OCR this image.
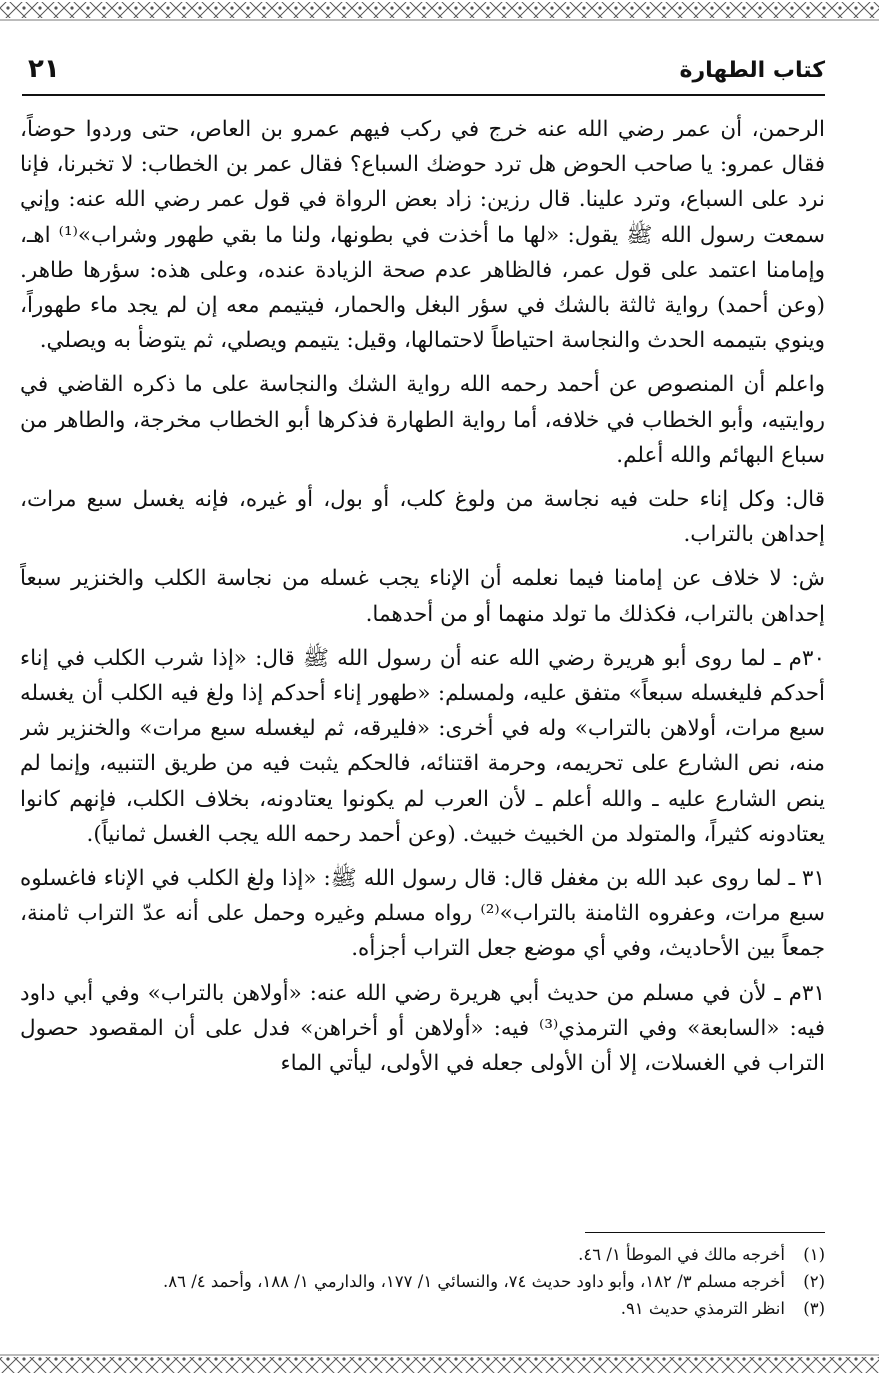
كتاب الطهارة
٢١

الرحمن، أن عمر رضي الله عنه خرج في ركب فيهم عمرو بن العاص، حتى وردوا حوضاً، فقال عمرو: يا صاحب الحوض هل ترد حوضك السباع؟ فقال عمر بن الخطاب: لا تخبرنا، فإنا نرد على السباع، وترد علينا. قال رزين: زاد بعض الرواة في قول عمر رضي الله عنه: وإني سمعت رسول الله ﷺ يقول: «لها ما أخذت في بطونها، ولنا ما بقي طهور وشراب»⁽¹⁾ اهـ، وإمامنا اعتمد على قول عمر، فالظاهر عدم صحة الزيادة عنده، وعلى هذه: سؤرها طاهر. (وعن أحمد) رواية ثالثة بالشك في سؤر البغل والحمار، فيتيمم معه إن لم يجد ماء طهوراً، وينوي بتيممه الحدث والنجاسة احتياطاً لاحتمالها، وقيل: يتيمم ويصلي، ثم يتوضأ به ويصلي.

واعلم أن المنصوص عن أحمد رحمه الله رواية الشك والنجاسة على ما ذكره القاضي في روايتيه، وأبو الخطاب في خلافه، أما رواية الطهارة فذكرها أبو الخطاب مخرجة، والطاهر من سباع البهائم والله أعلم.

قال: وكل إناء حلت فيه نجاسة من ولوغ كلب، أو بول، أو غيره، فإنه يغسل سبع مرات، إحداهن بالتراب.

ش: لا خلاف عن إمامنا فيما نعلمه أن الإناء يجب غسله من نجاسة الكلب والخنزير سبعاً إحداهن بالتراب، فكذلك ما تولد منهما أو من أحدهما.

٣٠م ـ لما روى أبو هريرة رضي الله عنه أن رسول الله ﷺ قال: «إذا شرب الكلب في إناء أحدكم فليغسله سبعاً» متفق عليه، ولمسلم: «طهور إناء أحدكم إذا ولغ فيه الكلب أن يغسله سبع مرات، أولاهن بالتراب» وله في أخرى: «فليرقه، ثم ليغسله سبع مرات» والخنزير شر منه، نص الشارع على تحريمه، وحرمة اقتنائه، فالحكم يثبت فيه من طريق التنبيه، وإنما لم ينص الشارع عليه ـ والله أعلم ـ لأن العرب لم يكونوا يعتادونه، بخلاف الكلب، فإنهم كانوا يعتادونه كثيراً، والمتولد من الخبيث خبيث. (وعن أحمد رحمه الله يجب الغسل ثمانياً).

٣١ ـ لما روى عبد الله بن مغفل قال: قال رسول الله ﷺ: «إذا ولغ الكلب في الإناء فاغسلوه سبع مرات، وعفروه الثامنة بالتراب»⁽²⁾ رواه مسلم وغيره وحمل على أنه عدّ التراب ثامنة، جمعاً بين الأحاديث، وفي أي موضع جعل التراب أجزأه.

٣١م ـ لأن في مسلم من حديث أبي هريرة رضي الله عنه: «أولاهن بالتراب» وفي أبي داود فيه: «السابعة» وفي الترمذي⁽³⁾ فيه: «أولاهن أو أخراهن» فدل على أن المقصود حصول التراب في الغسلات، إلا أن الأولى جعله في الأولى، ليأتي الماء

(١)
أخرجه مالك في الموطأ ١/ ٤٦.
(٢)
أخرجه مسلم ٣/ ١٨٢، وأبو داود حديث ٧٤، والنسائي ١/ ١٧٧، والدارمي ١/ ١٨٨، وأحمد ٤/ ٨٦.
(٣)
انظر الترمذي حديث ٩١.
